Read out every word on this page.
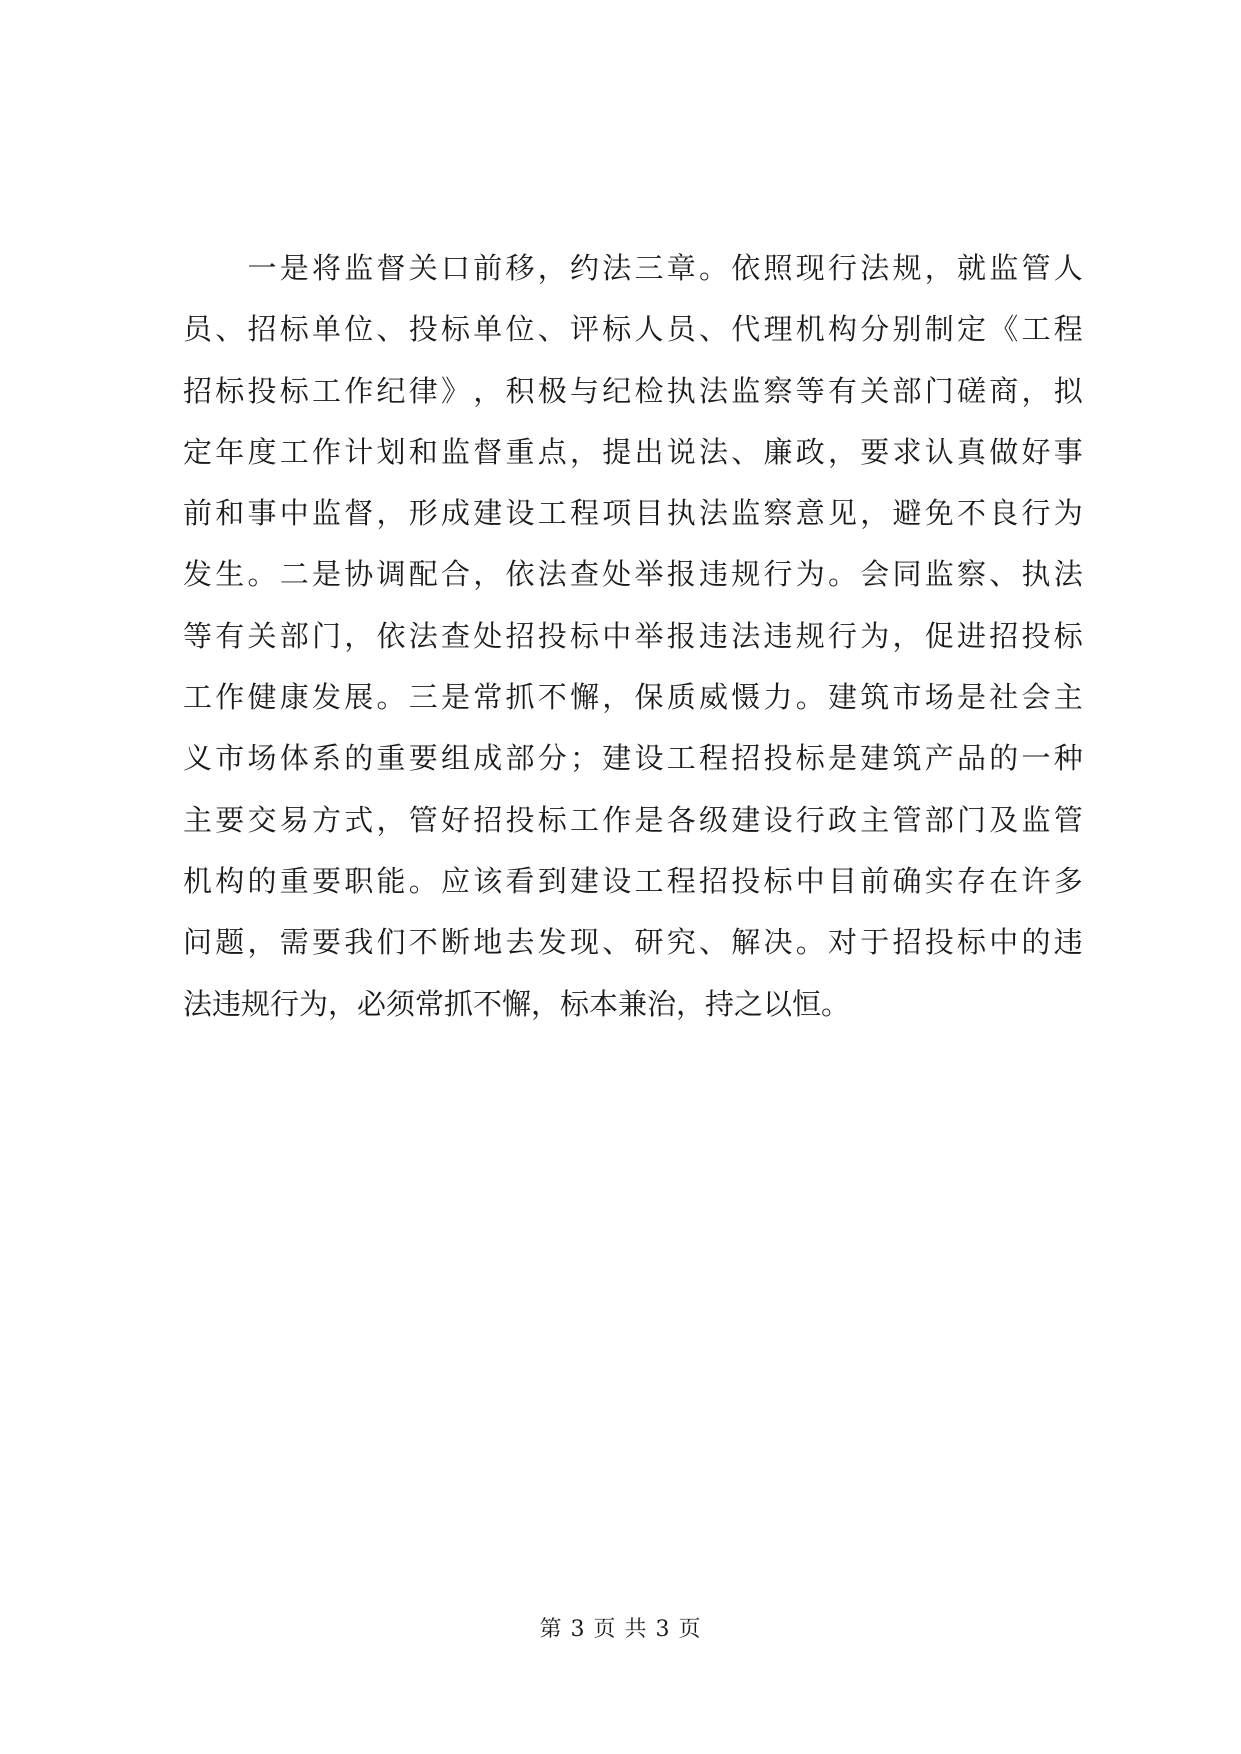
一 是 将 监 督 关 口 前 移 ， 约 法 三 章 。 依 照 现 行 法 规 ， 就 监 管 人
员 、 招 标 单 位 、 投 标 单 位 、 评 标 人 员 、 代 理 机 构 分 别 制 定 《 工 程
招 标 投 标 工 作 纪 律 》 ， 积 极 与 纪 检 执 法 监 察 等 有 关 部 门 磋 商 ， 拟
定 年 度 工 作 计 划 和 监 督 重 点 ， 提 出 说 法 、 廉 政 ， 要 求 认 真 做 好 事
前 和 事 中 监 督 ， 形 成 建 设 工 程 项 目 执 法 监 察 意 见 ， 避 免 不 良 行 为
发 生 。 二 是 协 调 配 合 ， 依 法 查 处 举 报 违 规 行 为 。 会 同 监 察 、 执 法
等 有 关 部 门 ， 依 法 查 处 招 投 标 中 举 报 违 法 违 规 行 为 ， 促 进 招 投 标
工 作 健 康 发 展 。 三 是 常 抓 不 懈 ， 保 质 威 慑 力 。 建 筑 市 场 是 社 会 主
义 市 场 体 系 的 重 要 组 成 部 分 ； 建 设 工 程 招 投 标 是 建 筑 产 品 的 一 种
主 要 交 易 方 式 ， 管 好 招 投 标 工 作 是 各 级 建 设 行 政 主 管 部 门 及 监 管
机 构 的 重 要 职 能 。 应 该 看 到 建 设 工 程 招 投 标 中 目 前 确 实 存 在 许 多
问 题 ， 需 要 我 们 不 断 地 去 发 现 、 研 究 、 解 决 。 对 于 招 投 标 中 的 违
法违规行为，必须常抓不懈，标本兼治，持之以恒。
第 3 页 共 3 页
